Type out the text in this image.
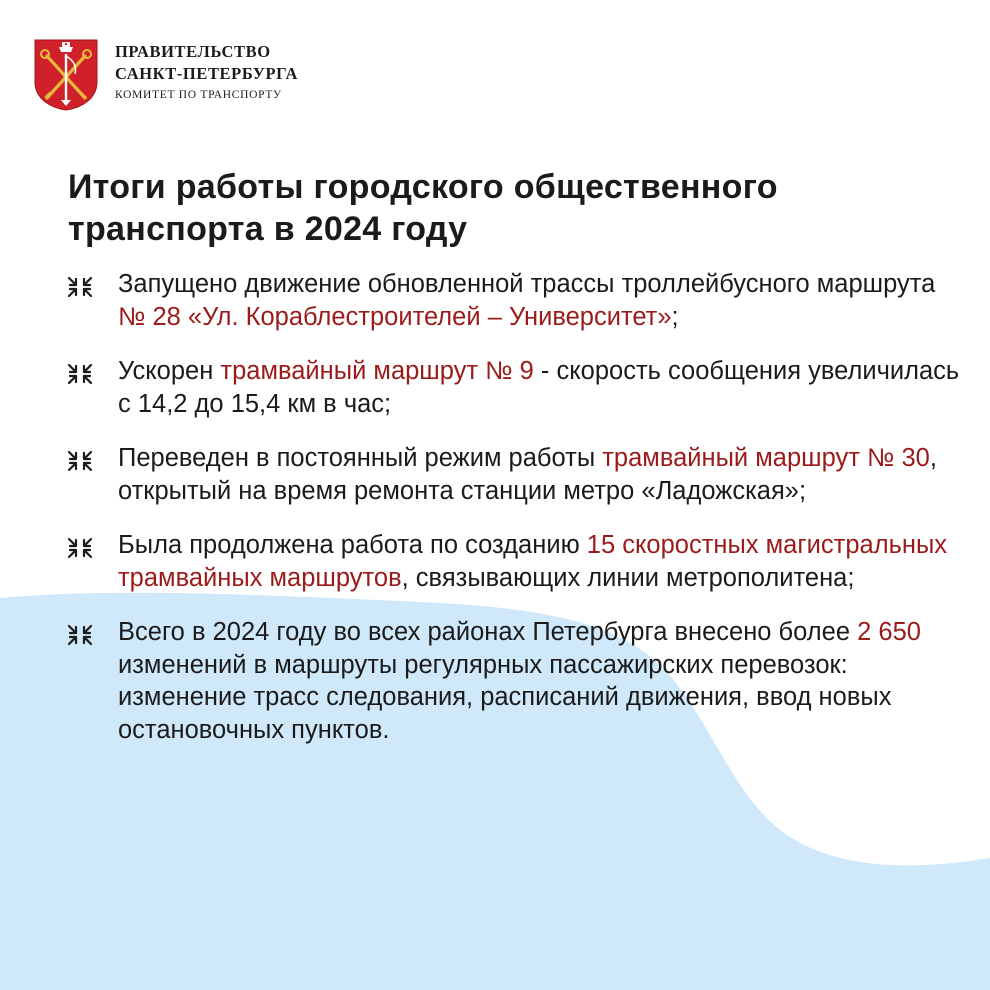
ПРАВИТЕЛЬСТВО
САНКТ-ПЕТЕРБУРГА
КОМИТЕТ ПО ТРАНСПОРТУ
Итоги работы городского общественного транспорта в 2024 году
Запущено движение обновленной трассы троллейбусного маршрута № 28 «Ул. Кораблестроителей – Университет»;
Ускорен трамвайный маршрут № 9 - скорость сообщения увеличилась с 14,2 до 15,4 км в час;
Переведен в постоянный режим работы трамвайный маршрут № 30, открытый на время ремонта станции метро «Ладожская»;
Была продолжена работа по созданию 15 скоростных магистральных трамвайных маршрутов, связывающих линии метрополитена;
Всего в 2024 году во всех районах Петербурга внесено более 2 650 изменений в маршруты регулярных пассажирских перевозок: изменение трасс следования, расписаний движения, ввод новых остановочных пунктов.
